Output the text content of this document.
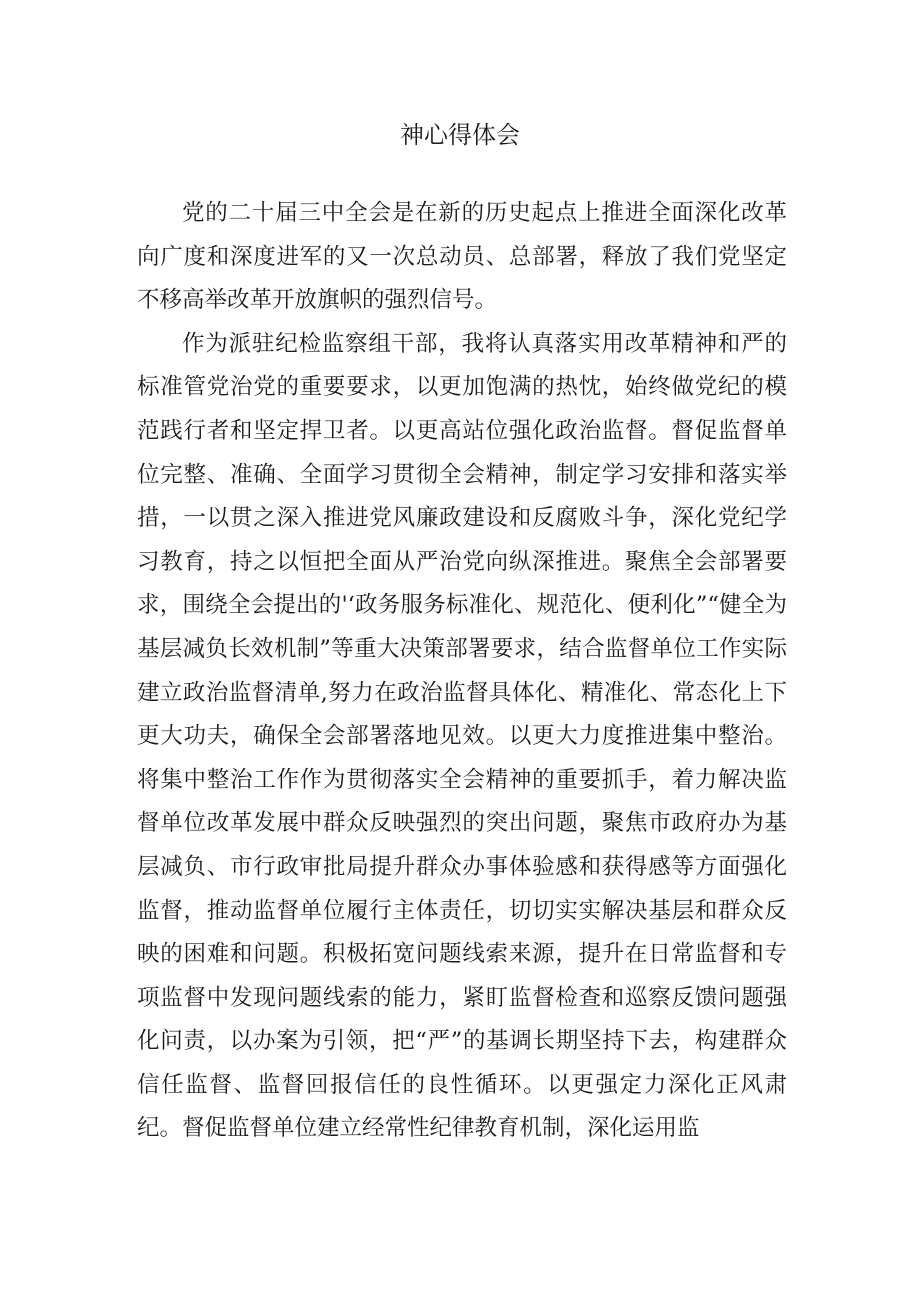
神心得体会

党的二十届三中全会是在新的历史起点上推进全面深化改革向广度和深度进军的又一次总动员、总部署，释放了我们党坚定不移高举改革开放旗帜的强烈信号。

作为派驻纪检监察组干部，我将认真落实用改革精神和严的标准管党治党的重要要求，以更加饱满的热忱，始终做党纪的模范践行者和坚定捍卫者。以更高站位强化政治监督。督促监督单位完整、准确、全面学习贯彻全会精神，制定学习安排和落实举措，一以贯之深入推进党风廉政建设和反腐败斗争，深化党纪学习教育，持之以恒把全面从严治党向纵深推进。聚焦全会部署要求，围绕全会提出的'‘政务服务标准化、规范化、便利化”“健全为基层减负长效机制”等重大决策部署要求，结合监督单位工作实际建立政治监督清单,努力在政治监督具体化、精准化、常态化上下更大功夫，确保全会部署落地见效。以更大力度推进集中整治。将集中整治工作作为贯彻落实全会精神的重要抓手，着力解决监督单位改革发展中群众反映强烈的突出问题，聚焦市政府办为基层减负、市行政审批局提升群众办事体验感和获得感等方面强化监督，推动监督单位履行主体责任，切切实实解决基层和群众反映的困难和问题。积极拓宽问题线索来源，提升在日常监督和专项监督中发现问题线索的能力，紧盯监督检查和巡察反馈问题强化问责，以办案为引领，把“严”的基调长期坚持下去，构建群众信任监督、监督回报信任的良性循环。以更强定力深化正风肃纪。督促监督单位建立经常性纪律教育机制，深化运用监
